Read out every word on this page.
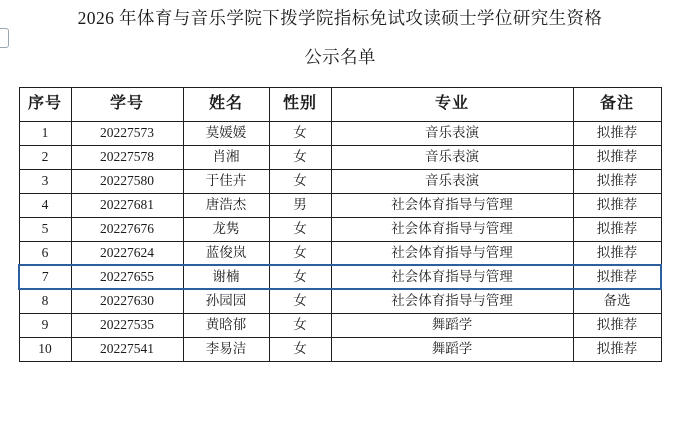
2026 年体育与音乐学院下拨学院指标免试攻读硕士学位研究生资格
公示名单
序号	学号	姓名	性别	专业	备注
1	20227573	莫媛媛	女	音乐表演	拟推荐
2	20227578	肖湘	女	音乐表演	拟推荐
3	20227580	于佳卉	女	音乐表演	拟推荐
4	20227681	唐浩杰	男	社会体育指导与管理	拟推荐
5	20227676	龙隽	女	社会体育指导与管理	拟推荐
6	20227624	蓝俊岚	女	社会体育指导与管理	拟推荐
7	20227655	谢楠	女	社会体育指导与管理	拟推荐
8	20227630	孙园园	女	社会体育指导与管理	备选
9	20227535	黄晗郁	女	舞蹈学	拟推荐
10	20227541	李易洁	女	舞蹈学	拟推荐
